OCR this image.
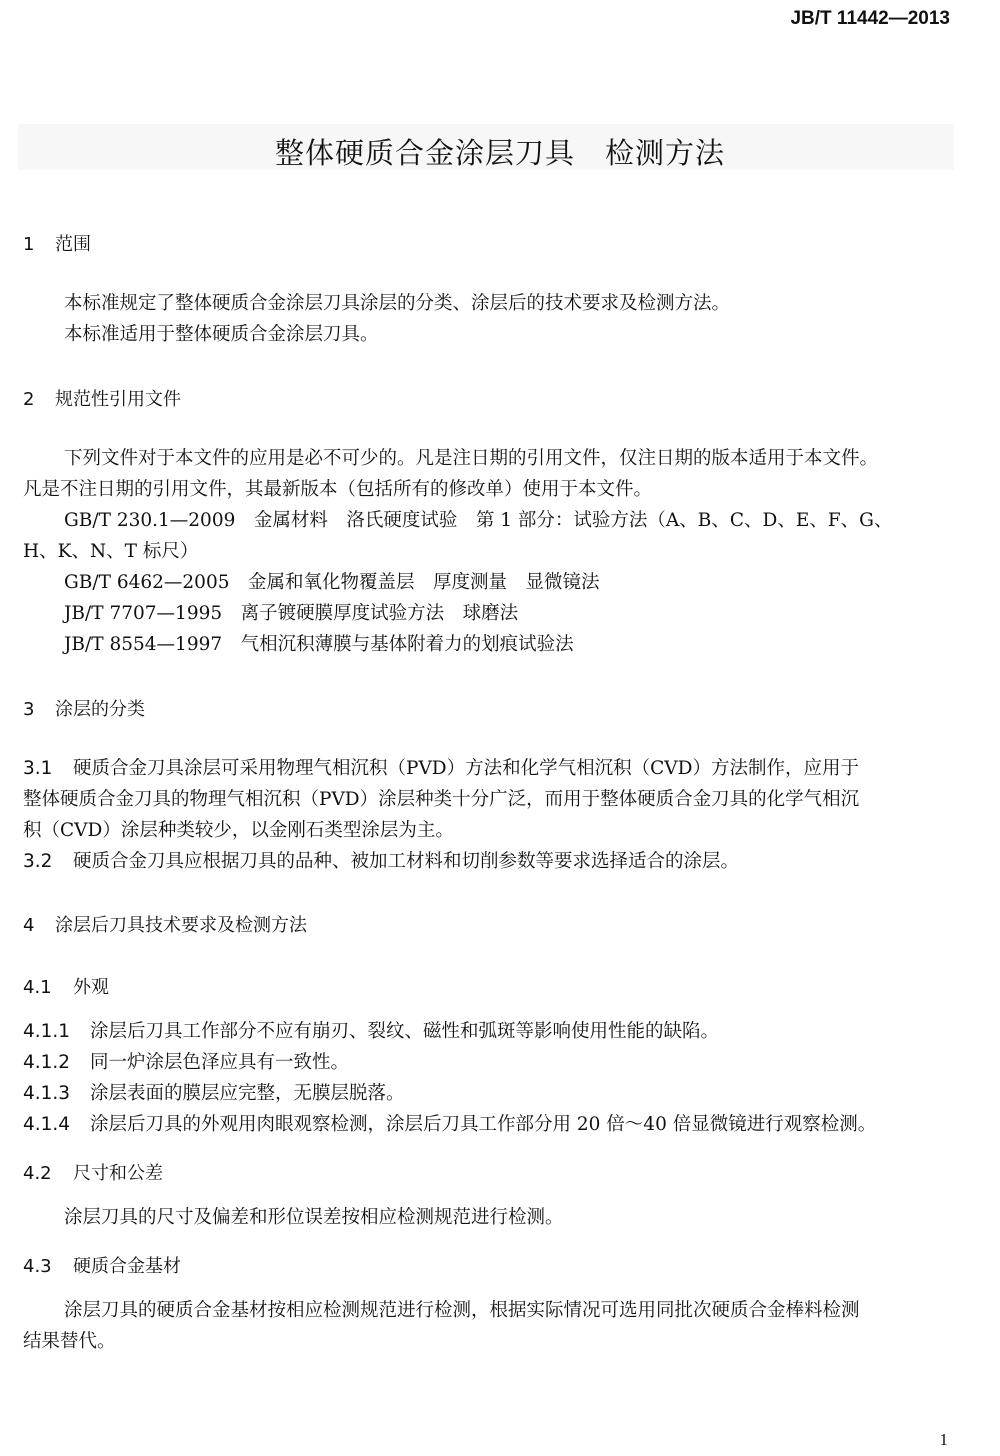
JB/T 11442—2013
整体硬质合金涂层刀具　检测方法
1 范围
本标准规定了整体硬质合金涂层刀具涂层的分类、涂层后的技术要求及检测方法。
本标准适用于整体硬质合金涂层刀具。
2 规范性引用文件
下列文件对于本文件的应用是必不可少的。凡是注日期的引用文件，仅注日期的版本适用于本文件。
凡是不注日期的引用文件，其最新版本（包括所有的修改单）使用于本文件。
GB/T 230.1—2009　金属材料　洛氏硬度试验　第 1 部分：试验方法（A、B、C、D、E、F、G、
H、K、N、T 标尺）
GB/T 6462—2005　金属和氧化物覆盖层　厚度测量　显微镜法
JB/T 7707—1995　离子镀硬膜厚度试验方法　球磨法
JB/T 8554—1997　气相沉积薄膜与基体附着力的划痕试验法
3 涂层的分类
3.1 硬质合金刀具涂层可采用物理气相沉积（PVD）方法和化学气相沉积（CVD）方法制作，应用于
整体硬质合金刀具的物理气相沉积（PVD）涂层种类十分广泛，而用于整体硬质合金刀具的化学气相沉
积（CVD）涂层种类较少，以金刚石类型涂层为主。
3.2 硬质合金刀具应根据刀具的品种、被加工材料和切削参数等要求选择适合的涂层。
4 涂层后刀具技术要求及检测方法
4.1 外观
4.1.1 涂层后刀具工作部分不应有崩刃、裂纹、磁性和弧斑等影响使用性能的缺陷。
4.1.2 同一炉涂层色泽应具有一致性。
4.1.3 涂层表面的膜层应完整，无膜层脱落。
4.1.4 涂层后刀具的外观用肉眼观察检测，涂层后刀具工作部分用 20 倍～40 倍显微镜进行观察检测。
4.2 尺寸和公差
涂层刀具的尺寸及偏差和形位误差按相应检测规范进行检测。
4.3 硬质合金基材
涂层刀具的硬质合金基材按相应检测规范进行检测，根据实际情况可选用同批次硬质合金棒料检测
结果替代。
1
